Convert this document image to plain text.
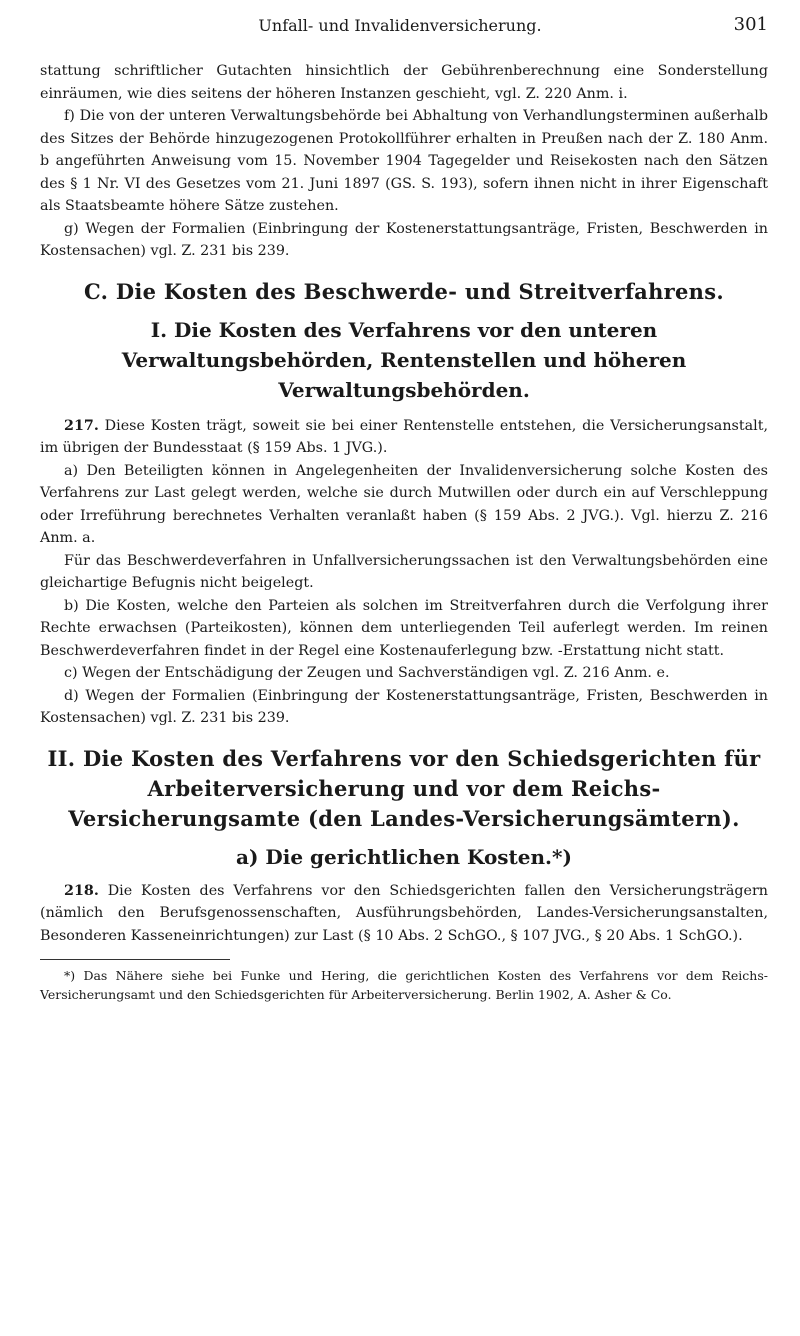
Unfall- und Invalidenversicherung.	301

stattung schriftlicher Gutachten hinsichtlich der Gebührenberechnung eine Sonderstellung einräumen, wie dies seitens der höheren Instanzen geschieht, vgl. Z. 220 Anm. i.

f) Die von der unteren Verwaltungsbehörde bei Abhaltung von Verhandlungsterminen außerhalb des Sitzes der Behörde hinzugezogenen Protokollführer erhalten in Preußen nach der Z. 180 Anm. b angeführten Anweisung vom 15. November 1904 Tagegelder und Reisekosten nach den Sätzen des § 1 Nr. VI des Gesetzes vom 21. Juni 1897 (GS. S. 193), sofern ihnen nicht in ihrer Eigenschaft als Staatsbeamte höhere Sätze zustehen.

g) Wegen der Formalien (Einbringung der Kostenerstattungsanträge, Fristen, Beschwerden in Kostensachen) vgl. Z. 231 bis 239.

C. Die Kosten des Beschwerde- und Streitverfahrens.
I. Die Kosten des Verfahrens vor den unteren Verwaltungsbehörden, Rentenstellen und höheren Verwaltungsbehörden.

217. Diese Kosten trägt, soweit sie bei einer Rentenstelle entstehen, die Versicherungsanstalt, im übrigen der Bundesstaat (§ 159 Abs. 1 JVG.).

a) Den Beteiligten können in Angelegenheiten der Invalidenversicherung solche Kosten des Verfahrens zur Last gelegt werden, welche sie durch Mutwillen oder durch ein auf Verschleppung oder Irreführung berechnetes Verhalten veranlaßt haben (§ 159 Abs. 2 JVG.). Vgl. hierzu Z. 216 Anm. a.

Für das Beschwerdeverfahren in Unfallversicherungssachen ist den Verwaltungsbehörden eine gleichartige Befugnis nicht beigelegt.

b) Die Kosten, welche den Parteien als solchen im Streitverfahren durch die Verfolgung ihrer Rechte erwachsen (Parteikosten), können dem unterliegenden Teil auferlegt werden. Im reinen Beschwerdeverfahren findet in der Regel eine Kostenauferlegung bzw. -Erstattung nicht statt.

c) Wegen der Entschädigung der Zeugen und Sachverständigen vgl. Z. 216 Anm. e.

d) Wegen der Formalien (Einbringung der Kostenerstattungsanträge, Fristen, Beschwerden in Kostensachen) vgl. Z. 231 bis 239.

II. Die Kosten des Verfahrens vor den Schiedsgerichten für Arbeiterversicherung und vor dem Reichs-Versicherungsamte (den Landes-Versicherungsämtern).
a) Die gerichtlichen Kosten.*)

218. Die Kosten des Verfahrens vor den Schiedsgerichten fallen den Versicherungsträgern (nämlich den Berufsgenossenschaften, Ausführungsbehörden, Landes-Versicherungsanstalten, Besonderen Kasseneinrichtungen) zur Last (§ 10 Abs. 2 SchGO., § 107 JVG., § 20 Abs. 1 SchGO.).

*) Das Nähere siehe bei Funke und Hering, die gerichtlichen Kosten des Verfahrens vor dem Reichs-Versicherungsamt und den Schiedsgerichten für Arbeiterversicherung. Berlin 1902, A. Asher & Co.
